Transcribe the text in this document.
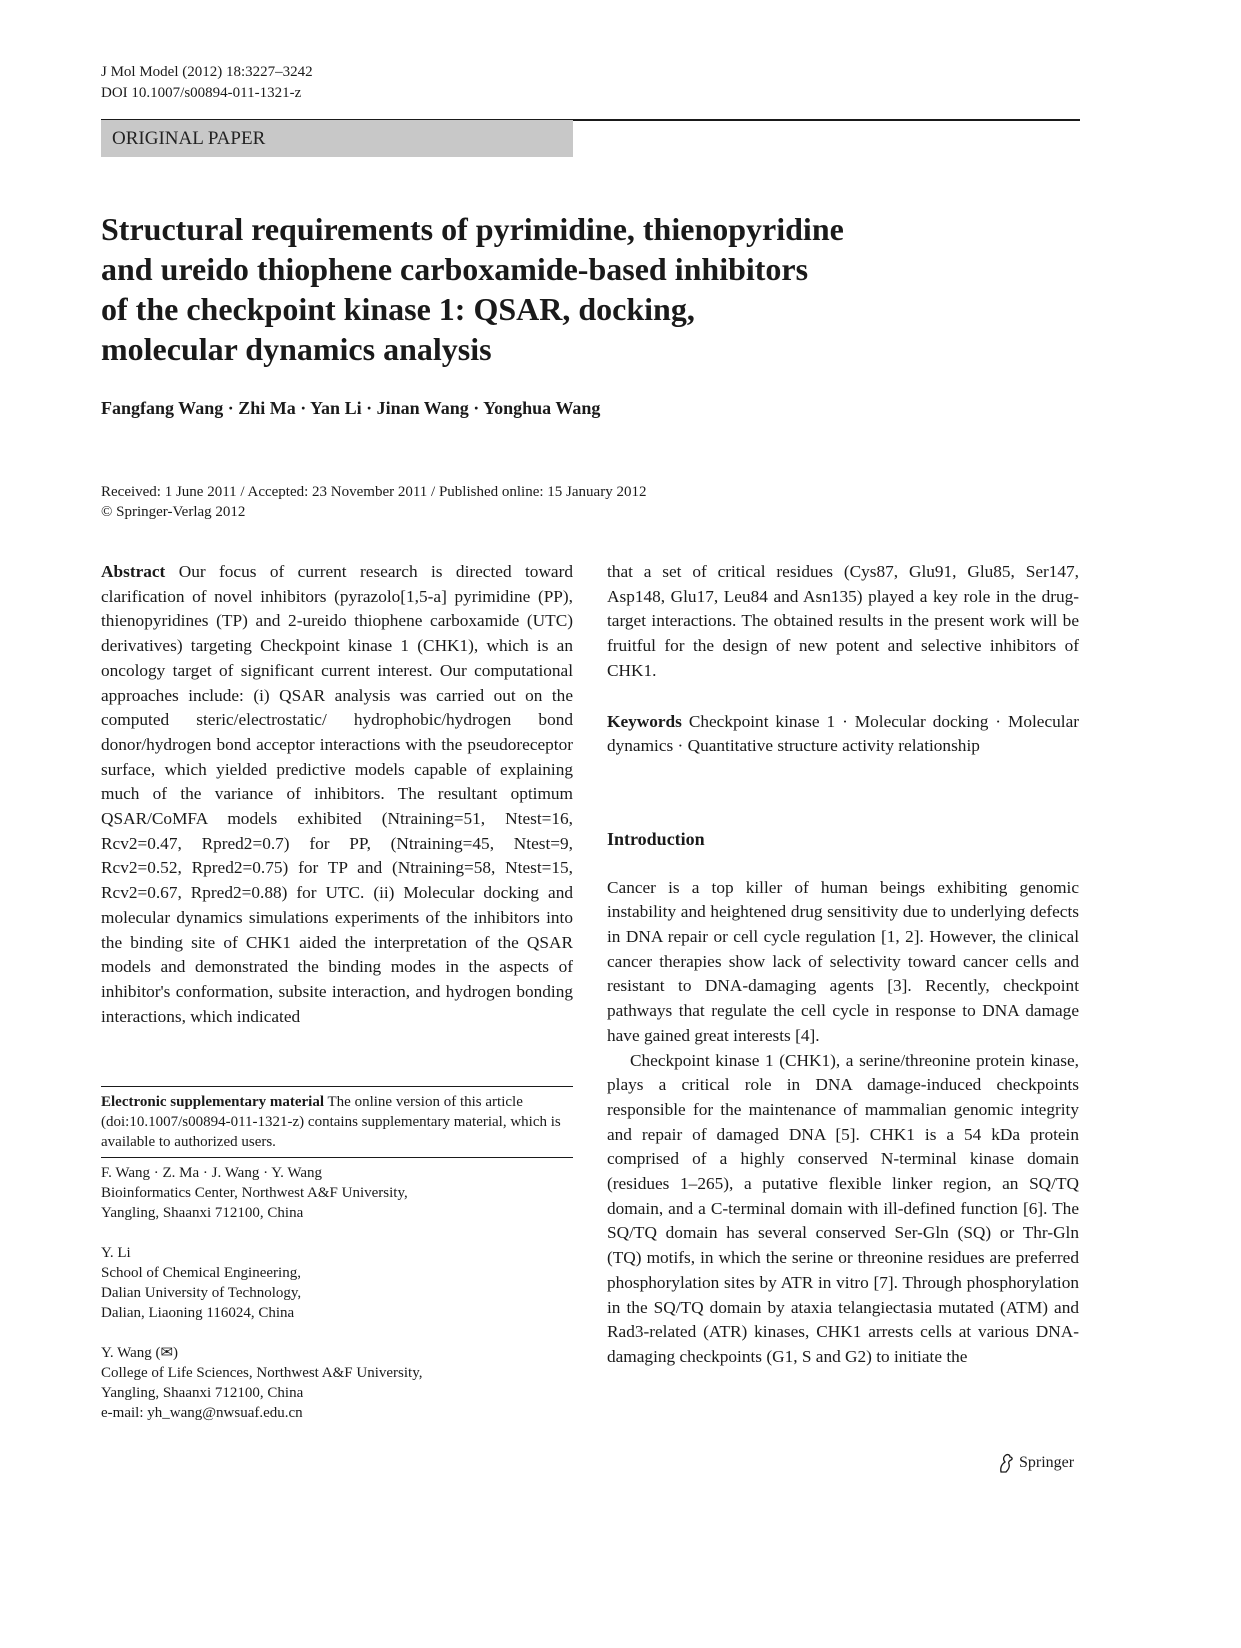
J Mol Model (2012) 18:3227–3242
DOI 10.1007/s00894-011-1321-z
ORIGINAL PAPER
Structural requirements of pyrimidine, thienopyridine
and ureido thiophene carboxamide-based inhibitors
of the checkpoint kinase 1: QSAR, docking,
molecular dynamics analysis
Fangfang Wang · Zhi Ma · Yan Li · Jinan Wang · Yonghua Wang
Received: 1 June 2011 / Accepted: 23 November 2011 / Published online: 15 January 2012
© Springer-Verlag 2012

Abstract Our focus of current research is directed toward clarification of novel inhibitors (pyrazolo[1,5-a] pyrimidine (PP), thienopyridines (TP) and 2-ureido thiophene carboxamide (UTC) derivatives) targeting Checkpoint kinase 1 (CHK1), which is an oncology target of significant current interest. Our computational approaches include: (i) QSAR analysis was carried out on the computed steric/electrostatic/ hydrophobic/hydrogen bond donor/hydrogen bond acceptor interactions with the pseudoreceptor surface, which yielded predictive models capable of explaining much of the variance of inhibitors. The resultant optimum QSAR/CoMFA models exhibited (Ntraining=51, Ntest=16, Rcv2=0.47, Rpred2=0.7) for PP, (Ntraining=45, Ntest=9, Rcv2=0.52, Rpred2=0.75) for TP and (Ntraining=58, Ntest=15, Rcv2=0.67, Rpred2=0.88) for UTC. (ii) Molecular docking and molecular dynamics simulations experiments of the inhibitors into the binding site of CHK1 aided the interpretation of the QSAR models and demonstrated the binding modes in the aspects of inhibitor's conformation, subsite interaction, and hydrogen bonding interactions, which indicated

that a set of critical residues (Cys87, Glu91, Glu85, Ser147, Asp148, Glu17, Leu84 and Asn135) played a key role in the drug-target interactions. The obtained results in the present work will be fruitful for the design of new potent and selective inhibitors of CHK1.

Keywords Checkpoint kinase 1 · Molecular docking · Molecular dynamics · Quantitative structure activity relationship

Introduction

Cancer is a top killer of human beings exhibiting genomic instability and heightened drug sensitivity due to underlying defects in DNA repair or cell cycle regulation [1, 2]. However, the clinical cancer therapies show lack of selectivity toward cancer cells and resistant to DNA-damaging agents [3]. Recently, checkpoint pathways that regulate the cell cycle in response to DNA damage have gained great interests [4].

Checkpoint kinase 1 (CHK1), a serine/threonine protein kinase, plays a critical role in DNA damage-induced checkpoints responsible for the maintenance of mammalian genomic integrity and repair of damaged DNA [5]. CHK1 is a 54 kDa protein comprised of a highly conserved N-terminal kinase domain (residues 1–265), a putative flexible linker region, an SQ/TQ domain, and a C-terminal domain with ill-defined function [6]. The SQ/TQ domain has several conserved Ser-Gln (SQ) or Thr-Gln (TQ) motifs, in which the serine or threonine residues are preferred phosphorylation sites by ATR in vitro [7]. Through phosphorylation in the SQ/TQ domain by ataxia telangiectasia mutated (ATM) and Rad3-related (ATR) kinases, CHK1 arrests cells at various DNA-damaging checkpoints (G1, S and G2) to initiate the

Electronic supplementary material The online version of this article (doi:10.1007/s00894-011-1321-z) contains supplementary material, which is available to authorized users.
F. Wang · Z. Ma · J. Wang · Y. Wang
Bioinformatics Center, Northwest A&F University,
Yangling, Shaanxi 712100, China
Y. Li
School of Chemical Engineering,
Dalian University of Technology,
Dalian, Liaoning 116024, China
Y. Wang (✉)
College of Life Sciences, Northwest A&F University,
Yangling, Shaanxi 712100, China
e-mail: yh_wang@nwsuaf.edu.cn
Springer
